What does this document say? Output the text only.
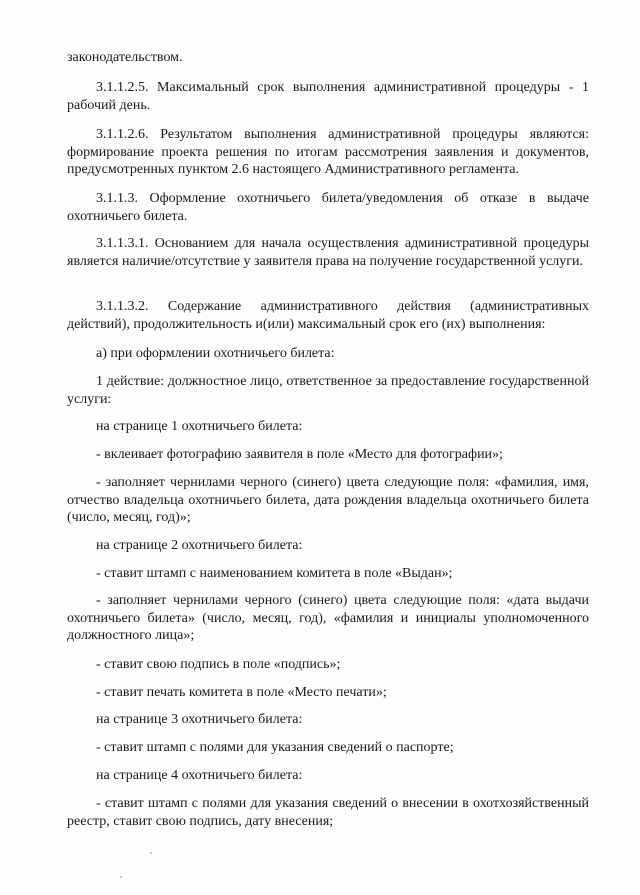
законодательством.

3.1.1.2.5. Максимальный срок выполнения административной процедуры - 1 рабочий день.

3.1.1.2.6. Результатом выполнения административной процедуры являются: формирование проекта решения по итогам рассмотрения заявления и документов, предусмотренных пунктом 2.6 настоящего Административного регламента.

3.1.1.3. Оформление охотничьего билета/уведомления об отказе в выдаче охотничьего билета.

3.1.1.3.1. Основанием для начала осуществления административной процедуры является наличие/отсутствие у заявителя права на получение государственной услуги.

3.1.1.3.2. Содержание административного действия (административных действий), продолжительность и(или) максимальный срок его (их) выполнения:

а) при оформлении охотничьего билета:

1 действие: должностное лицо, ответственное за предоставление государственной услуги:

на странице 1 охотничьего билета:

- вклеивает фотографию заявителя в поле «Место для фотографии»;

- заполняет чернилами черного (синего) цвета следующие поля: «фамилия, имя, отчество владельца охотничьего билета, дата рождения владельца охотничьего билета (число, месяц, год)»;

на странице 2 охотничьего билета:

- ставит штамп с наименованием комитета в поле «Выдан»;

- заполняет чернилами черного (синего) цвета следующие поля: «дата выдачи охотничьего билета» (число, месяц, год), «фамилия и инициалы уполномоченного должностного лица»;

- ставит свою подпись в поле «подпись»;

- ставит печать комитета в поле «Место печати»;

на странице 3 охотничьего билета:

- ставит штамп с полями для указания сведений о паспорте;

на странице 4 охотничьего билета:

- ставит штамп с полями для указания сведений о внесении в охотхозяйственный реестр, ставит свою подпись, дату внесения;
